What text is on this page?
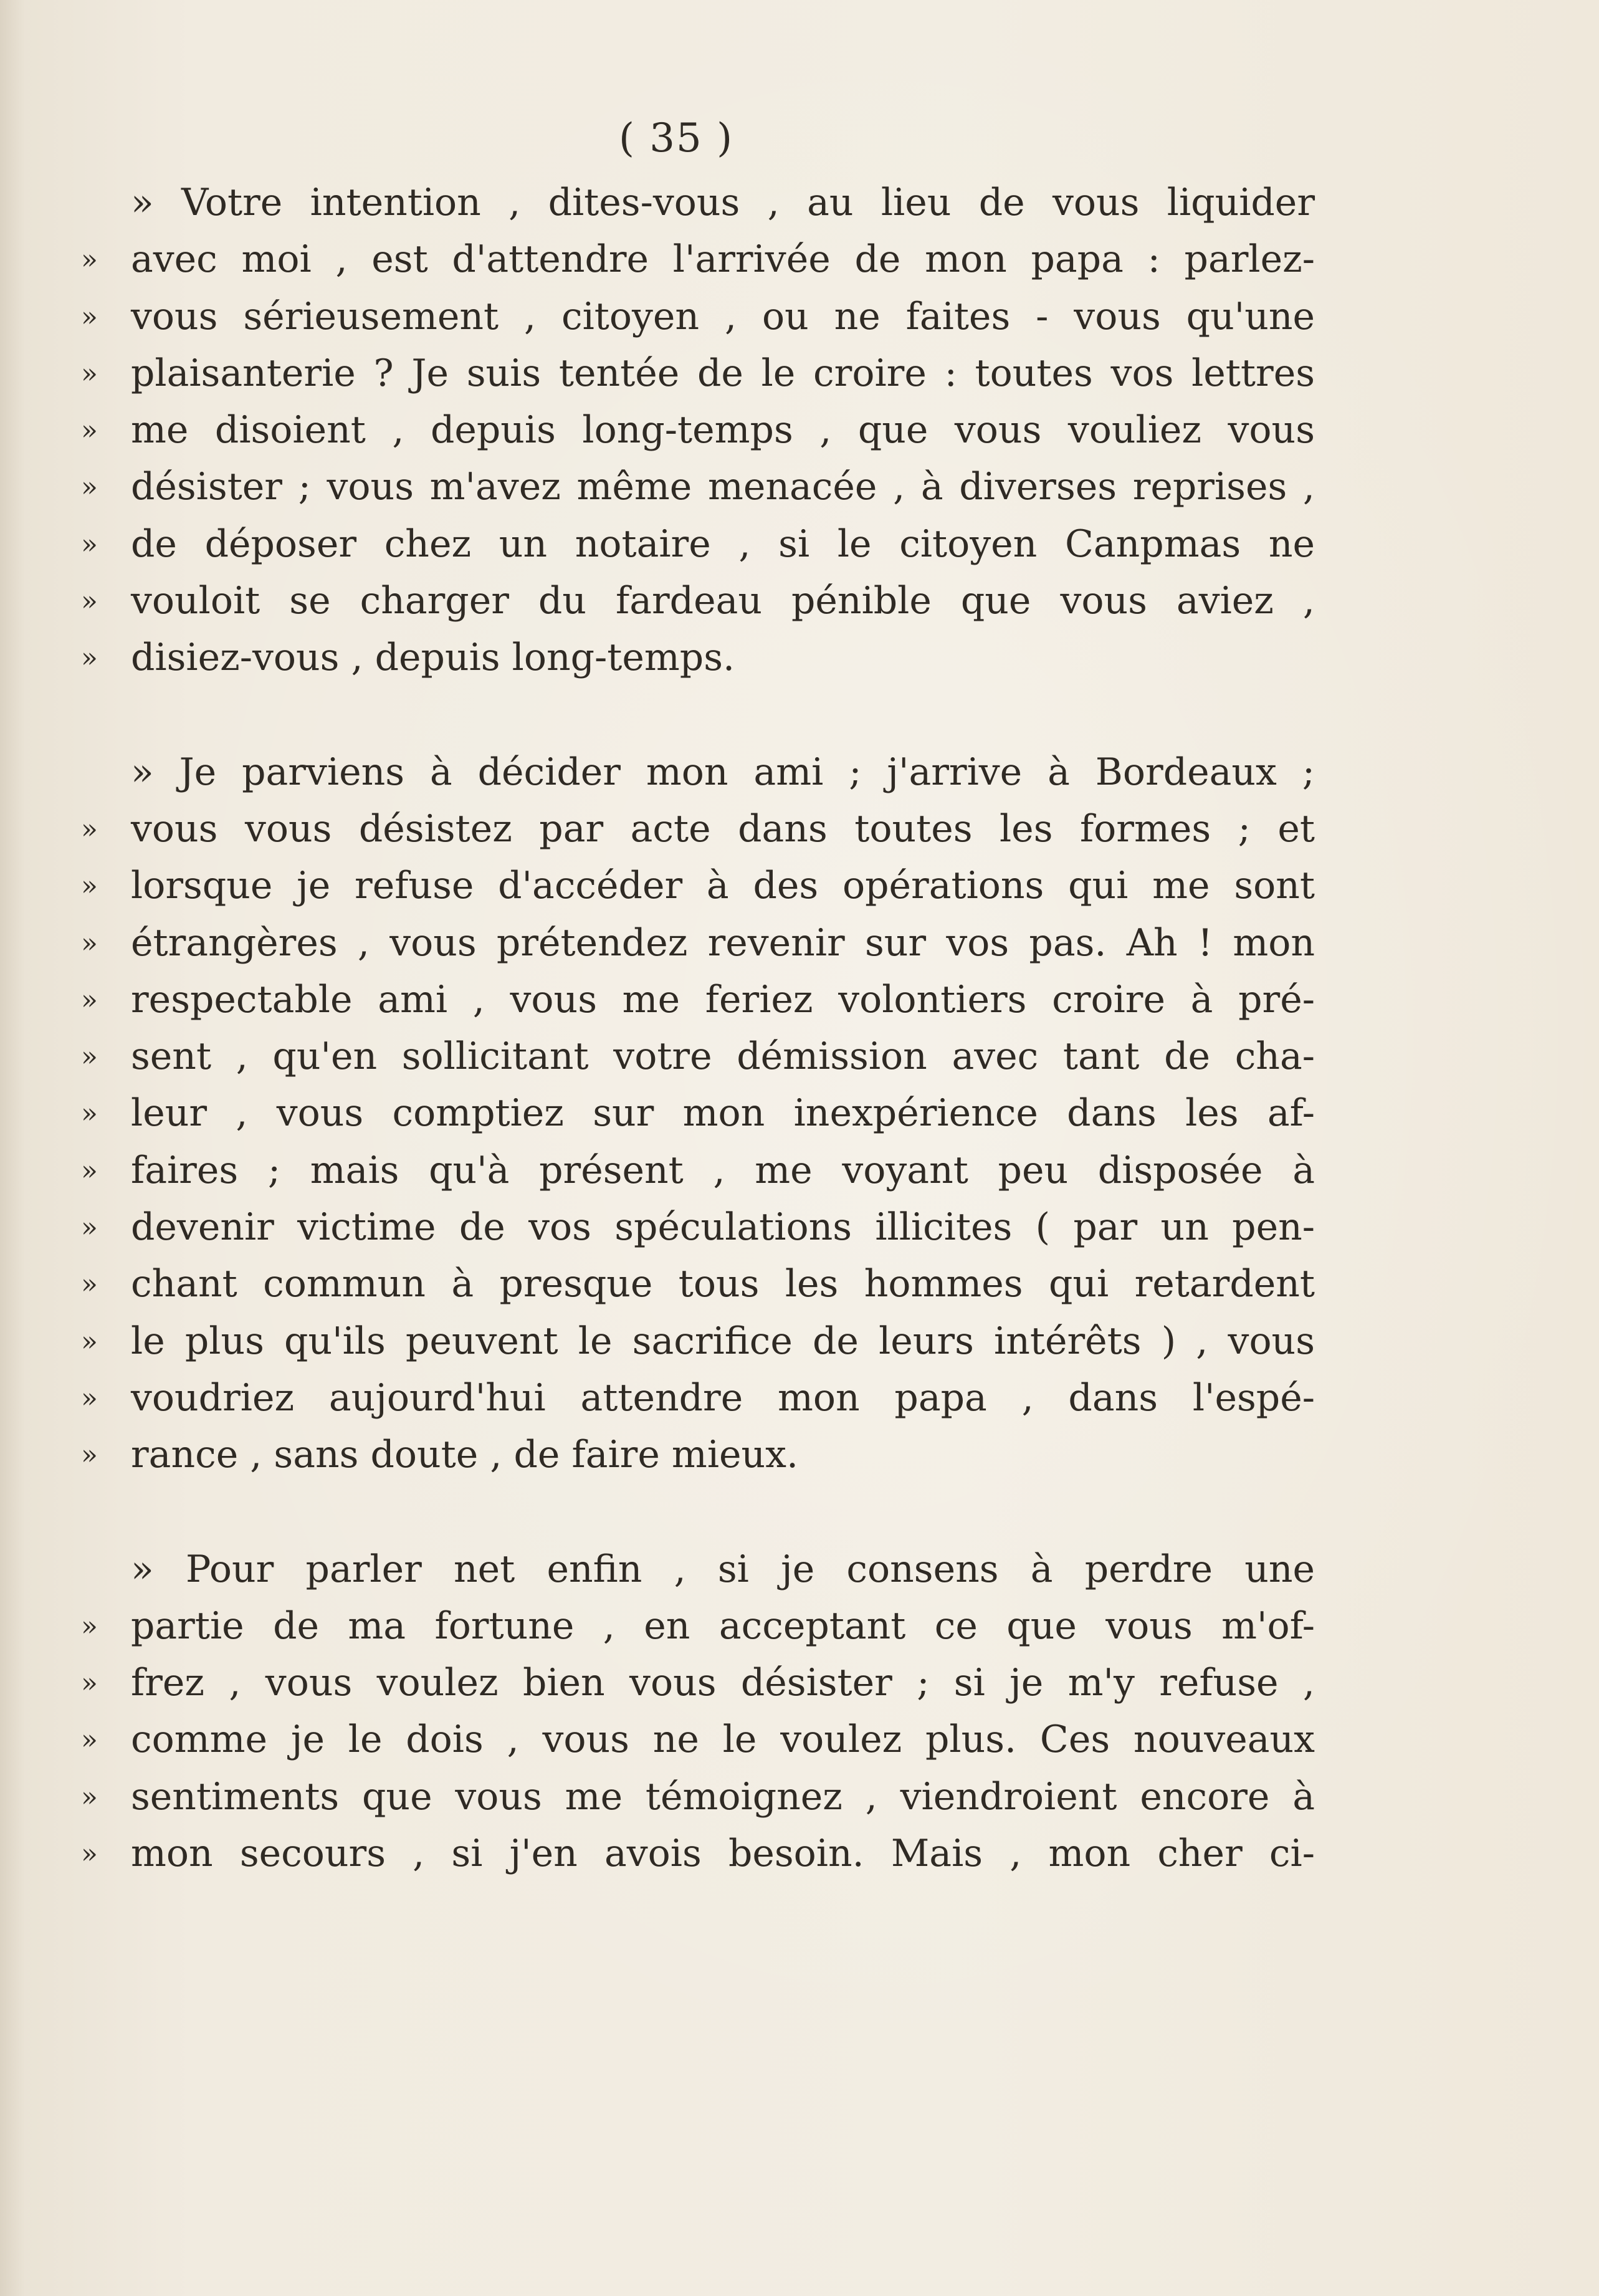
( 35 )
» Votre intention , dites-vous , au lieu de vous liquider
» avec moi , est d'attendre l'arrivée de mon papa : parlez-
» vous sérieusement , citoyen , ou ne faites - vous qu'une
» plaisanterie ? Je suis tentée de le croire : toutes vos lettres
» me disoient , depuis long-temps , que vous vouliez vous
» désister ; vous m'avez même menacée , à diverses reprises ,
» de déposer chez un notaire , si le citoyen Canpmas ne
» vouloit se charger du fardeau pénible que vous aviez ,
» disiez-vous , depuis long-temps.
» Je parviens à décider mon ami ; j'arrive à Bordeaux ;
» vous vous désistez par acte dans toutes les formes ; et
» lorsque je refuse d'accéder à des opérations qui me sont
» étrangères , vous prétendez revenir sur vos pas. Ah ! mon
» respectable ami , vous me feriez volontiers croire à pré-
» sent , qu'en sollicitant votre démission avec tant de cha-
» leur , vous comptiez sur mon inexpérience dans les af-
» faires ; mais qu'à présent , me voyant peu disposée à
» devenir victime de vos spéculations illicites ( par un pen-
» chant commun à presque tous les hommes qui retardent
» le plus qu'ils peuvent le sacrifice de leurs intérêts ) , vous
» voudriez aujourd'hui attendre mon papa , dans l'espé-
» rance , sans doute , de faire mieux.
» Pour parler net enfin , si je consens à perdre une
» partie de ma fortune , en acceptant ce que vous m'of-
» frez , vous voulez bien vous désister ; si je m'y refuse ,
» comme je le dois , vous ne le voulez plus. Ces nouveaux
» sentiments que vous me témoignez , viendroient encore à
» mon secours , si j'en avois besoin. Mais , mon cher ci-
